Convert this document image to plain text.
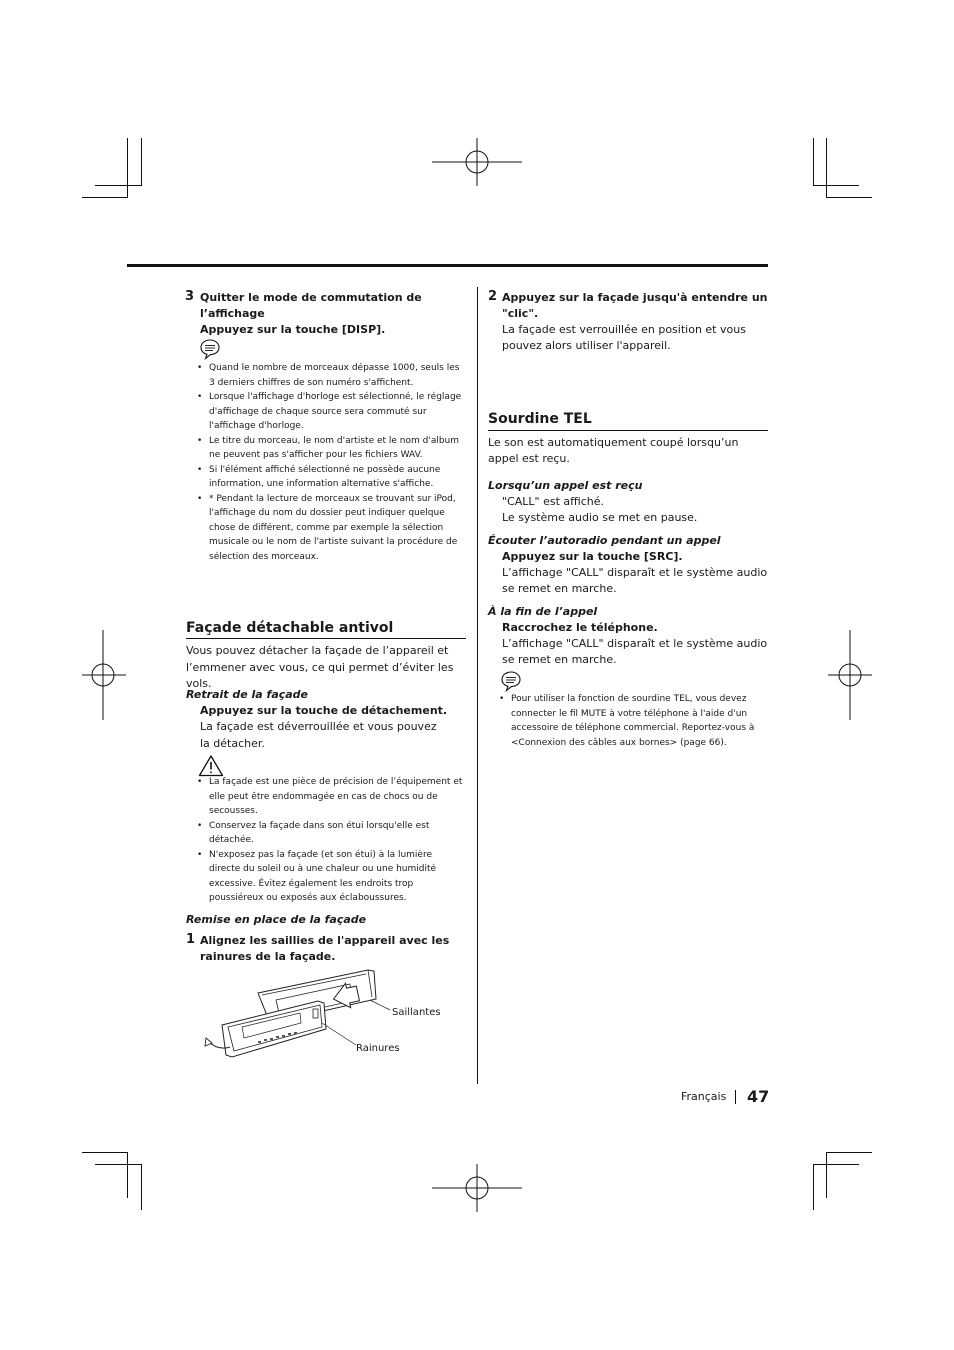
3 Quitter le mode de commutation de
l’affichage
Appuyez sur la touche [DISP].
• Quand le nombre de morceaux dépasse 1000, seuls les 3 derniers chiffres de son numéro s'affichent.
• Lorsque l'affichage d'horloge est sélectionné, le réglage d'affichage de chaque source sera commuté sur l'affichage d'horloge.
• Le titre du morceau, le nom d'artiste et le nom d'album ne peuvent pas s'afficher pour les fichiers WAV.
• Si l'élément affiché sélectionné ne possède aucune information, une information alternative s'affiche.
• * Pendant la lecture de morceaux se trouvant sur iPod, l'affichage du nom du dossier peut indiquer quelque chose de différent, comme par exemple la sélection musicale ou le nom de l'artiste suivant la procédure de sélection des morceaux.
Façade détachable antivol
Vous pouvez détacher la façade de l’appareil et l’emmener avec vous, ce qui permet d’éviter les vols.
Retrait de la façade
Appuyez sur la touche de détachement.
La façade est déverrouillée et vous pouvez la détacher.
• La façade est une pièce de précision de l’équipement et elle peut être endommagée en cas de chocs ou de secousses.
• Conservez la façade dans son étui lorsqu'elle est détachée.
• N'exposez pas la façade (et son étui) à la lumière directe du soleil ou à une chaleur ou une humidité excessive. Évitez également les endroits trop poussiéreux ou exposés aux éclaboussures.
Remise en place de la façade
1 Alignez les saillies de l'appareil avec les rainures de la façade.
Saillantes
Rainures
2 Appuyez sur la façade jusqu'à entendre un
"clic".
La façade est verrouillée en position et vous pouvez alors utiliser l'appareil.
Sourdine TEL
Le son est automatiquement coupé lorsqu’un appel est reçu.
Lorsqu’un appel est reçu
"CALL" est affiché.
Le système audio se met en pause.
Écouter l’autoradio pendant un appel
Appuyez sur la touche [SRC].
L’affichage "CALL" disparaît et le système audio se remet en marche.
À la fin de l’appel
Raccrochez le téléphone.
L’affichage "CALL" disparaît et le système audio se remet en marche.
• Pour utiliser la fonction de sourdine TEL, vous devez connecter le fil MUTE à votre téléphone à l'aide d'un accessoire de téléphone commercial. Reportez-vous à <Connexion des câbles aux bornes> (page 66).
Français 47
